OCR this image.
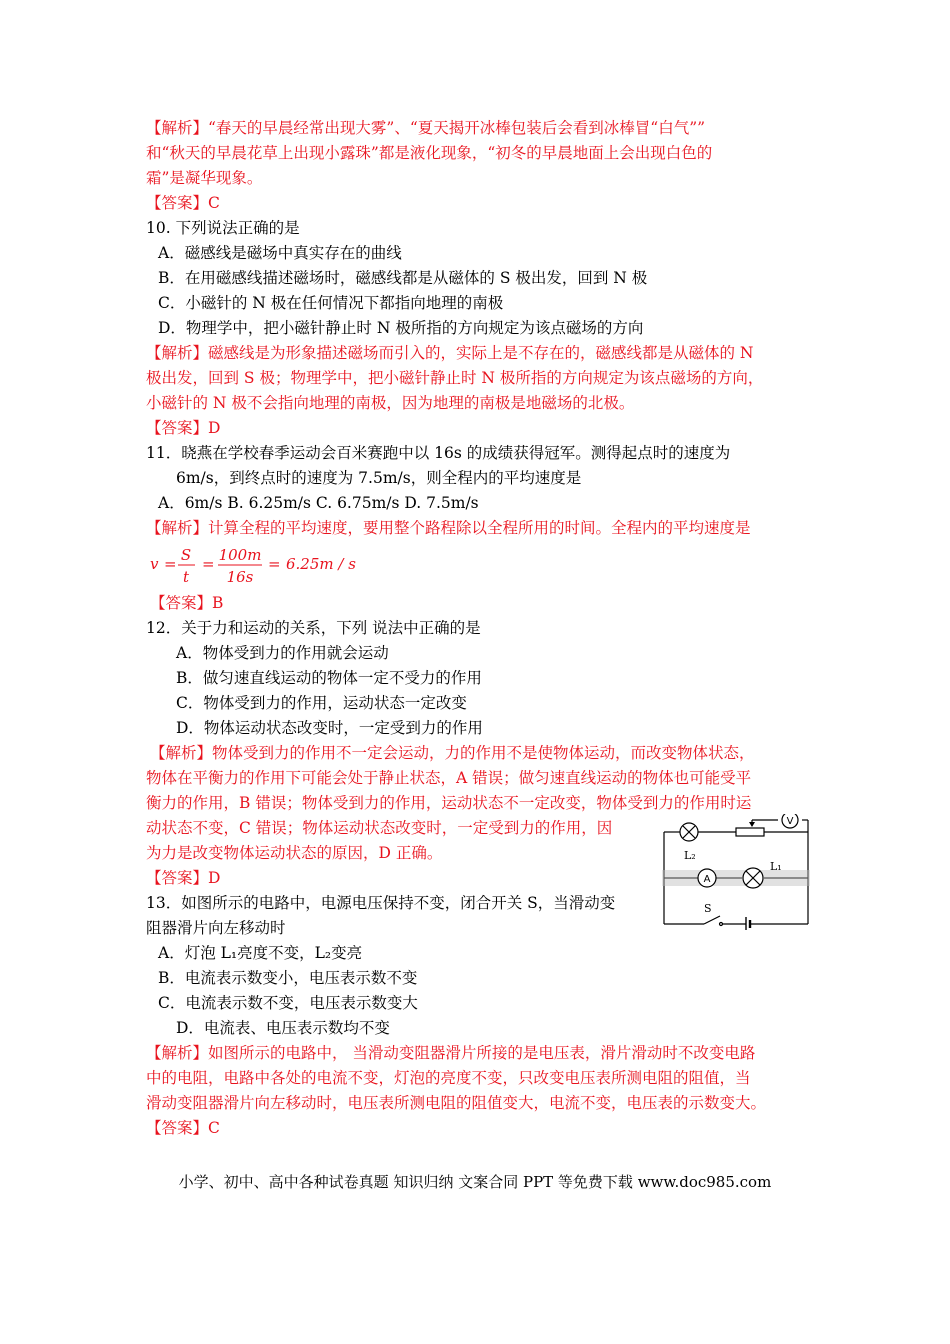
【解析】“春天的早晨经常出现大雾”、“夏天揭开冰棒包装后会看到冰棒冒“白气””
和“秋天的早晨花草上出现小露珠”都是液化现象，“初冬的早晨地面上会出现白色的
霜”是凝华现象。
【答案】C
10. 下列说法正确的是
A．磁感线是磁场中真实存在的曲线
B．在用磁感线描述磁场时，磁感线都是从磁体的 S 极出发，回到 N 极
C．小磁针的 N 极在任何情况下都指向地理的南极
D．物理学中，把小磁针静止时 N 极所指的方向规定为该点磁场的方向
【解析】磁感线是为形象描述磁场而引入的，实际上是不存在的，磁感线都是从磁体的 N
极出发，回到 S 极；物理学中，把小磁针静止时 N 极所指的方向规定为该点磁场的方向，
小磁针的 N 极不会指向地理的南极，因为地理的南极是地磁场的北极。
【答案】D
11．晓燕在学校春季运动会百米赛跑中以 16s 的成绩获得冠军。测得起点时的速度为
6m/s，到终点时的速度为 7.5m/s，则全程内的平均速度是
A．6m/s B. 6.25m/s C. 6.75m/s D. 7.5m/s
【解析】计算全程的平均速度，要用整个路程除以全程所用的时间。全程内的平均速度是
v = S
t
= 100m
16s
= 6.25m / s
【答案】B
12．关于力和运动的关系，下列 说法中正确的是
A．物体受到力的作用就会运动
B．做匀速直线运动的物体一定不受力的作用
C．物体受到力的作用，运动状态一定改变
D．物体运动状态改变时，一定受到力的作用
【解析】物体受到力的作用不一定会运动，力的作用不是使物体运动，而改变物体状态，
物体在平衡力的作用下可能会处于静止状态，A 错误；做匀速直线运动的物体也可能受平
衡力的作用，B 错误；物体受到力的作用，运动状态不一定改变，物体受到力的作用时运
动状态不变，C 错误；物体运动状态改变时，一定受到力的作用，因
为力是改变物体运动状态的原因，D 正确。
【答案】D
13．如图所示的电路中，电源电压保持不变，闭合开关 S，当滑动变
阻器滑片向左移动时
A．灯泡 L₁亮度不变，L₂变亮
B．电流表示数变小，电压表示数不变
C．电流表示数不变，电压表示数变大
D．电流表、电压表示数均不变
【解析】如图所示的电路中， 当滑动变阻器滑片所接的是电压表，滑片滑动时不改变电路
中的电阻，电路中各处的电流不变，灯泡的亮度不变，只改变电压表所测电阻的阻值，当
滑动变阻器滑片向左移动时，电压表所测电阻的阻值变大，电流不变，电压表的示数变大。
【答案】C
V
A
L₂
L₁
S
小学、初中、高中各种试卷真题 知识归纳 文案合同 PPT 等免费下载 www.doc985.com
